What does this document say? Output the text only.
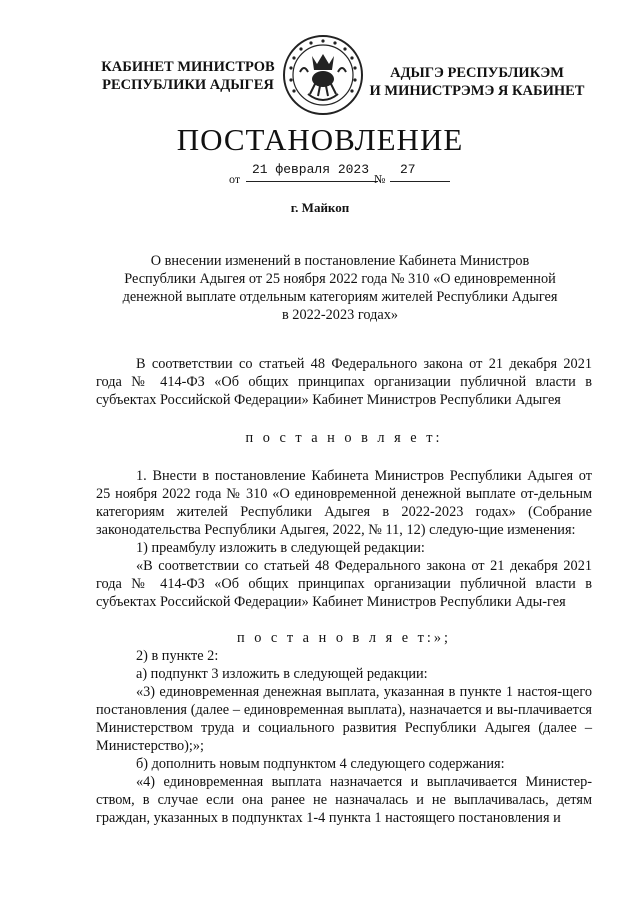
КАБИНЕТ МИНИСТРОВ
РЕСПУБЛИКИ АДЫГЕЯ
АДЫГЭ РЕСПУБЛИКЭМ
И МИНИСТРЭМЭ Я КАБИНЕТ
ПОСТАНОВЛЕНИЕ
от
21 февраля 2023
№
27
г. Майкоп
О внесении изменений в постановление Кабинета Министров
Республики Адыгея от 25 ноября 2022 года № 310 «О единовременной
денежной выплате отдельным категориям жителей Республики Адыгея
в 2022-2023 годах»

В соответствии со статьей 48 Федерального закона от 21 декабря 2021 года № 414-ФЗ «Об общих принципах организации публичной власти в субъектах Российской Федерации» Кабинет Министров Республики Адыгея

п о с т а н о в л я е т:

1. Внести в постановление Кабинета Министров Республики Адыгея от 25 ноября 2022 года № 310 «О единовременной денежной выплате от-дельным категориям жителей Республики Адыгея в 2022-2023 годах» (Собрание законодательства Республики Адыгея, 2022, № 11, 12) следую-щие изменения:

1) преамбулу изложить в следующей редакции:

«В соответствии со статьей 48 Федерального закона от 21 декабря 2021 года № 414-ФЗ «Об общих принципах организации публичной власти в субъектах Российской Федерации» Кабинет Министров Республики Ады-гея

п о с т а н о в л я е т:»;

2) в пункте 2:

а) подпункт 3 изложить в следующей редакции:

«3) единовременная денежная выплата, указанная в пункте 1 настоя-щего постановления (далее – единовременная выплата), назначается и вы-плачивается Министерством труда и социального развития Республики Адыгея (далее – Министерство);»;

б) дополнить новым подпунктом 4 следующего содержания:

«4) единовременная выплата назначается и выплачивается Министер-ством, в случае если она ранее не назначалась и не выплачивалась, детям граждан, указанных в подпунктах 1-4 пункта 1 настоящего постановления и
